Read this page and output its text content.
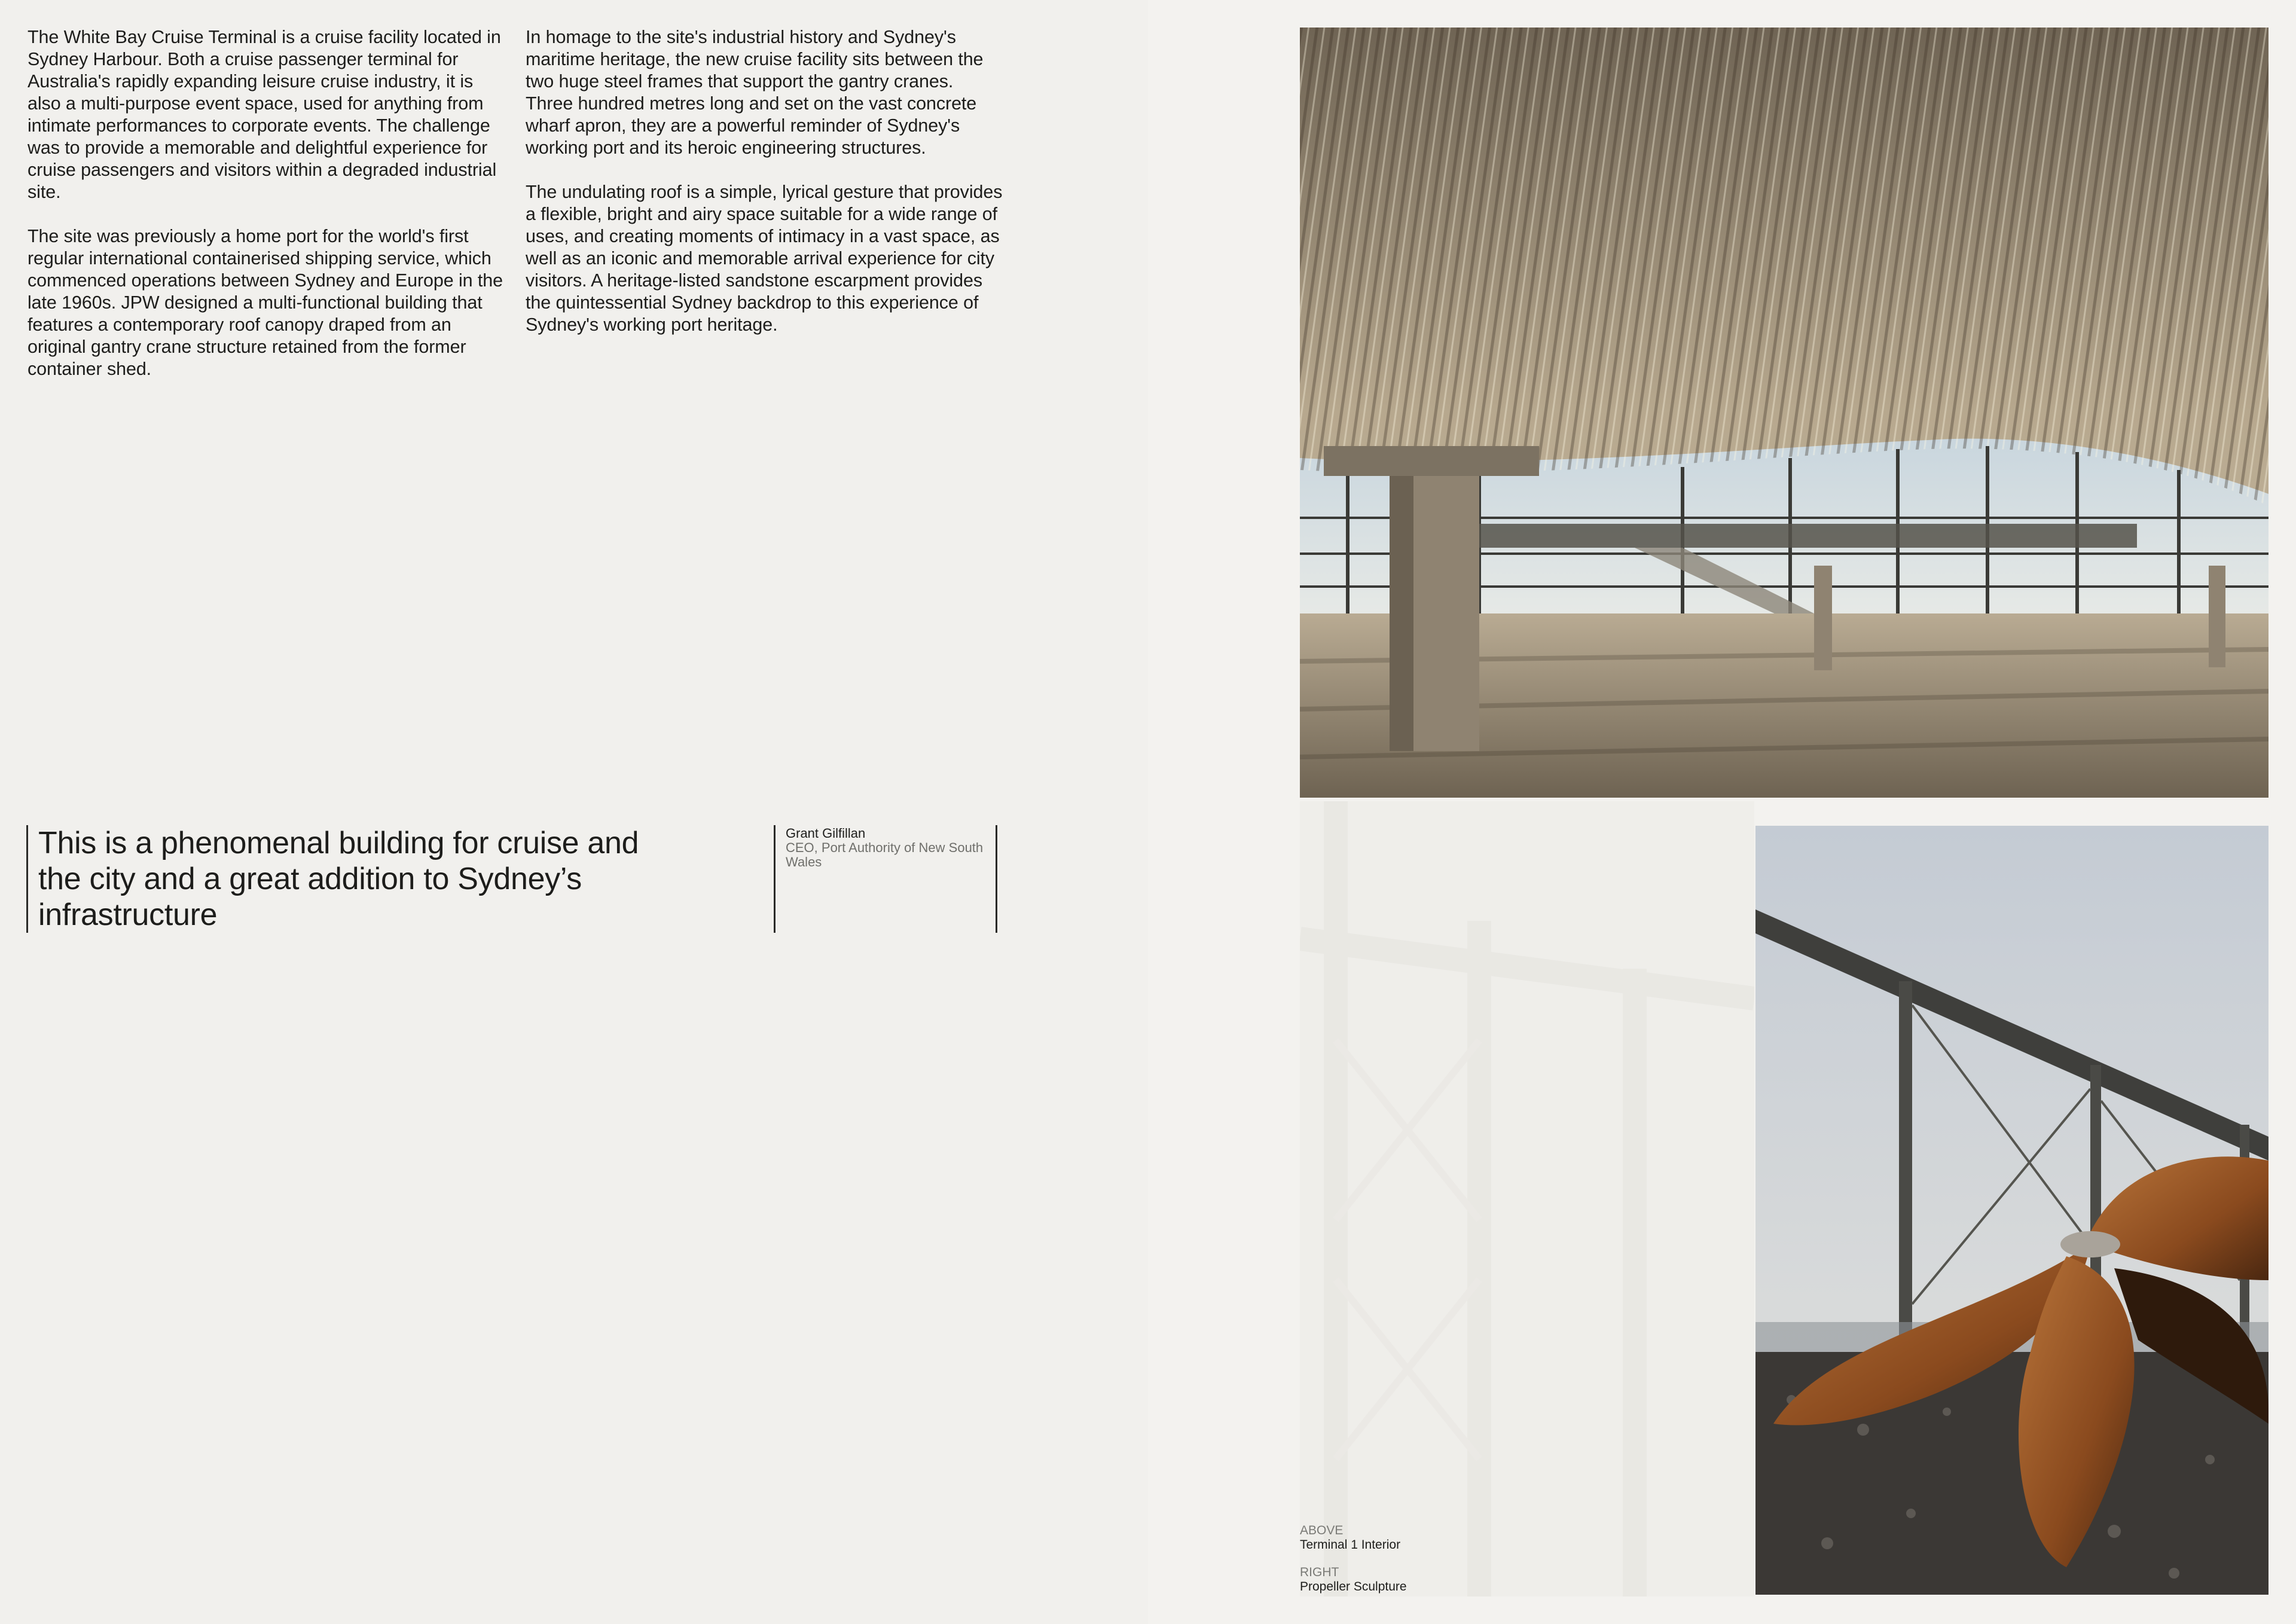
The White Bay Cruise Terminal is a cruise facility located in Sydney Harbour. Both a cruise passenger terminal for Australia's rapidly expanding leisure cruise industry, it is also a multi-purpose event space, used for anything from intimate performances to corporate events. The challenge was to provide a memorable and delightful experience for cruise passengers and visitors within a degraded industrial site.

The site was previously a home port for the world's first regular international containerised shipping service, which commenced operations between Sydney and Europe in the late 1960s. JPW designed a multi-functional building that features a contemporary roof canopy draped from an original gantry crane structure retained from the former container shed.

In homage to the site's industrial history and Sydney's maritime heritage, the new cruise facility sits between the two huge steel frames that support the gantry cranes. Three hundred metres long and set on the vast concrete wharf apron, they are a powerful reminder of Sydney's working port and its heroic engineering structures.

The undulating roof is a simple, lyrical gesture that provides a flexible, bright and airy space suitable for a wide range of uses, and creating moments of intimacy in a vast space, as well as an iconic and memorable arrival experience for city visitors. A heritage-listed sandstone escarpment provides the quintessential Sydney backdrop to this experience of Sydney's working port heritage.

This is a phenomenal building for cruise and the city and a great addition to Sydney’s infrastructure
Grant Gilfillan
CEO, Port Authority of New South Wales
ABOVE
Terminal 1 Interior
RIGHT
Propeller Sculpture
